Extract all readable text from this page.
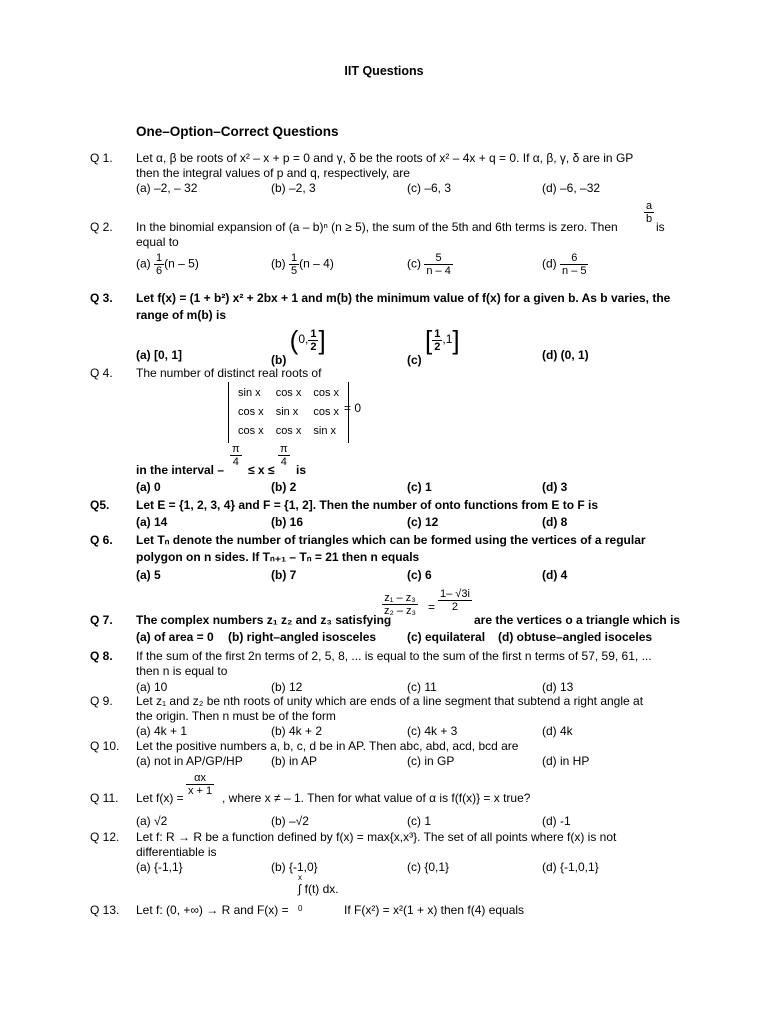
IIT Questions
One–Option–Correct Questions
Q 1. Let α, β be roots of x² – x + p = 0 and γ, δ be the roots of x² – 4x + q = 0. If α, β, γ, δ are in GP
then the integral values of p and q, respectively, are
(a) –2, – 32	(b) –2, 3	(c) –6, 3	(d) –6, –32
Q 2. In the binomial expansion of (a – b)ⁿ (n ≥ 5), the sum of the 5th and 6th terms is zero. Then
$\frac{a}{b}$
is
equal to
$(a) \frac{1}{6} (n - 5)$	$(b) \frac{1}{5} (n - 4)$	$(c) \frac{5}{n - 4}$	$(d) \frac{6}{n - 5}$
Q 3. Let f(x) = (1 + b²) x² + 2bx + 1 and m(b) the minimum value of f(x) for a given b. As b varies, the
range of m(b) is
(a) [0, 1]	(b) (0, $\frac{1}{2}$ ]
(c) [ $\frac{1}{2} ,1$]	(d) (0, 1)
Q 4. The number of distinct real roots of
sin x	cos x	cos x
cos x	sin x	cos x
cos x	cos x	sin x
= 0
in the interval –
$\frac{\pi}{4}$
≤ x ≤
$\frac{\pi}{4}$
is
(a) 0	(b) 2	(c) 1	(d) 3
Q5. Let E = {1, 2, 3, 4} and F = {1, 2]. Then the number of onto functions from E to F is
(a) 14	(b) 16	(c) 12	(d) 8
Q 6. Let Tₙ denote the number of triangles which can be formed using the vertices of a regular
polygon on n sides. If Tₙ₊₁ – Tₙ = 21 then n equals
(a) 5	(b) 7	(c) 6	(d) 4
Q 7. The complex numbers z₁ z₂ and z₃ satisfying
$\frac{\text{z₁ – z₃}}{\text{z₂ – z₃}} = \frac{1- √3i}{2}$
are the vertices o a triangle which is
(a) of area = 0 (b) right–angled isosceles	(c) equilateral (d) obtuse–angled isoceles
Q 8. If the sum of the first 2n terms of 2, 5, 8, ... is equal to the sum of the first n terms of 57, 59, 61, ...
then n is equal to
(a) 10	(b) 12	(c) 11	(d) 13
Q 9. Let z₁ and z₂ be nth roots of unity which are ends of a line segment that subtend a right angle at
the origin. Then n must be of the form
(a) 4k + 1	(b) 4k + 2	(c) 4k + 3	(d) 4k
Q 10. Let the positive numbers a, b, c, d be in AP. Then abc, abd, acd, bcd are
(a) not in AP/GP/HP (b) in AP	(c) in GP	(d) in HP
Q 11. Let f(x) =
$\frac{\alpha x}{x + 1}$
, where x ≠ – 1. Then for what value of α is f(f(x)} = x true?
(a) √2	(b) –√2	(c) 1	(d) -1
Q 12. Let f: R → R be a function defined by f(x) = max{x,x³}. The set of all points where f(x) is not
differentiable is
(a) {-1,1}	(b) {-1,0}	(c) {0,1}	(d) {-1,0,1}
Q 13. Let f: (0, +∞) → R and F(x) =
x
∫ f(t) dx.
0	If F(x²) = x²(1 + x) then f(4) equals
